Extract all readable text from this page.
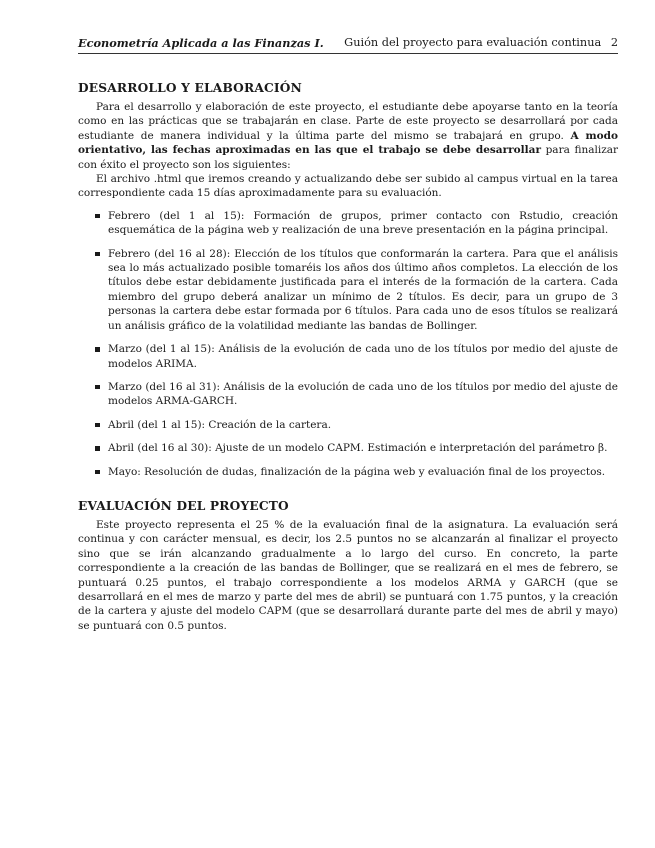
Econometría Aplicada a las Finanzas I.	Guión del proyecto para evaluación continua 2
DESARROLLO Y ELABORACIÓN

Para el desarrollo y elaboración de este proyecto, el estudiante debe apoyarse tanto en la teoría como en las prácticas que se trabajarán en clase. Parte de este proyecto se desarrollará por cada estudiante de manera individual y la última parte del mismo se trabajará en grupo. A modo orientativo, las fechas aproximadas en las que el trabajo se debe desarrollar para finalizar con éxito el proyecto son los siguientes:

El archivo .html que iremos creando y actualizando debe ser subido al campus virtual en la tarea correspondiente cada 15 días aproximadamente para su evaluación.

Febrero (del 1 al 15): Formación de grupos, primer contacto con Rstudio, creación esquemática de la página web y realización de una breve presentación en la página principal.
Febrero (del 16 al 28): Elección de los títulos que conformarán la cartera. Para que el análisis sea lo más actualizado posible tomaréis los años dos último años completos. La elección de los títulos debe estar debidamente justificada para el interés de la formación de la cartera. Cada miembro del grupo deberá analizar un mínimo de 2 títulos. Es decir, para un grupo de 3 personas la cartera debe estar formada por 6 títulos. Para cada uno de esos títulos se realizará un análisis gráfico de la volatilidad mediante las bandas de Bollinger.
Marzo (del 1 al 15): Análisis de la evolución de cada uno de los títulos por medio del ajuste de modelos ARIMA.
Marzo (del 16 al 31): Análisis de la evolución de cada uno de los títulos por medio del ajuste de modelos ARMA-GARCH.
Abril (del 1 al 15): Creación de la cartera.
Abril (del 16 al 30): Ajuste de un modelo CAPM. Estimación e interpretación del parámetro β.
Mayo: Resolución de dudas, finalización de la página web y evaluación final de los proyectos.
EVALUACIÓN DEL PROYECTO

Este proyecto representa el 25 % de la evaluación final de la asignatura. La evaluación será continua y con carácter mensual, es decir, los 2.5 puntos no se alcanzarán al finalizar el proyecto sino que se irán alcanzando gradualmente a lo largo del curso. En concreto, la parte correspondiente a la creación de las bandas de Bollinger, que se realizará en el mes de febrero, se puntuará 0.25 puntos, el trabajo correspondiente a los modelos ARMA y GARCH (que se desarrollará en el mes de marzo y parte del mes de abril) se puntuará con 1.75 puntos, y la creación de la cartera y ajuste del modelo CAPM (que se desarrollará durante parte del mes de abril y mayo) se puntuará con 0.5 puntos.
